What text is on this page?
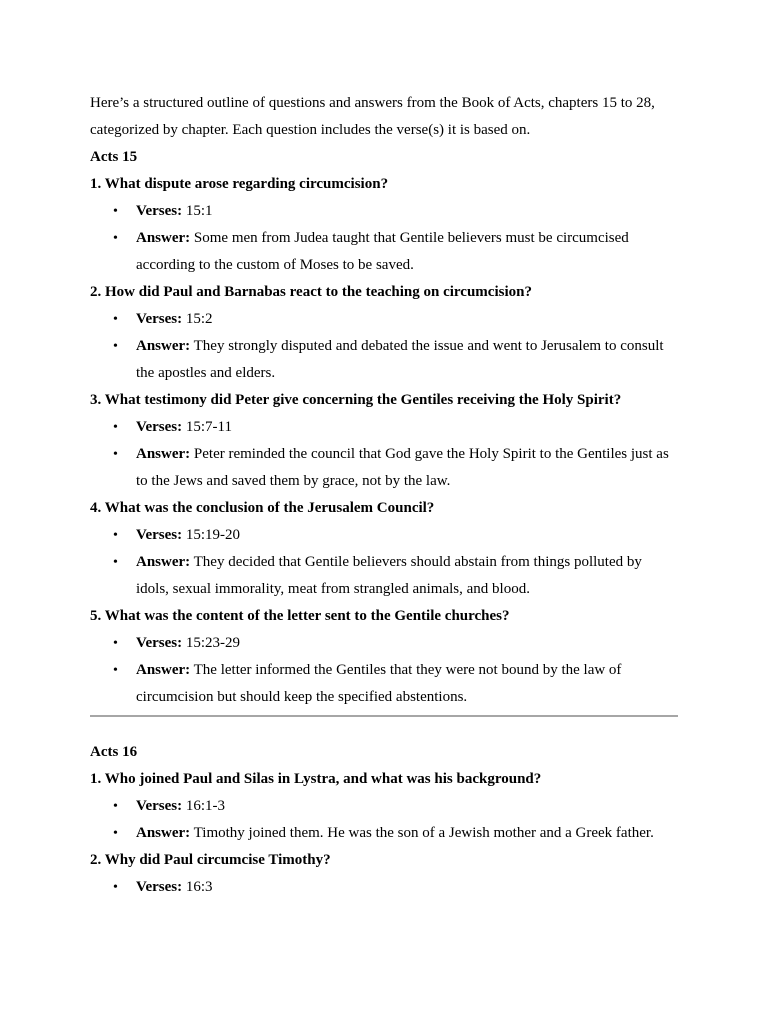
Here’s a structured outline of questions and answers from the Book of Acts, chapters 15 to 28, categorized by chapter. Each question includes the verse(s) it is based on.

Acts 15

1. What dispute arose regarding circumcision?

• Verses: 15:1
• Answer: Some men from Judea taught that Gentile believers must be circumcised according to the custom of Moses to be saved.

2. How did Paul and Barnabas react to the teaching on circumcision?

• Verses: 15:2
• Answer: They strongly disputed and debated the issue and went to Jerusalem to consult the apostles and elders.

3. What testimony did Peter give concerning the Gentiles receiving the Holy Spirit?

• Verses: 15:7-11
• Answer: Peter reminded the council that God gave the Holy Spirit to the Gentiles just as to the Jews and saved them by grace, not by the law.

4. What was the conclusion of the Jerusalem Council?

• Verses: 15:19-20
• Answer: They decided that Gentile believers should abstain from things polluted by idols, sexual immorality, meat from strangled animals, and blood.

5. What was the content of the letter sent to the Gentile churches?

• Verses: 15:23-29
• Answer: The letter informed the Gentiles that they were not bound by the law of circumcision but should keep the specified abstentions.

Acts 16

1. Who joined Paul and Silas in Lystra, and what was his background?

• Verses: 16:1-3
• Answer: Timothy joined them. He was the son of a Jewish mother and a Greek father.

2. Why did Paul circumcise Timothy?

• Verses: 16:3
